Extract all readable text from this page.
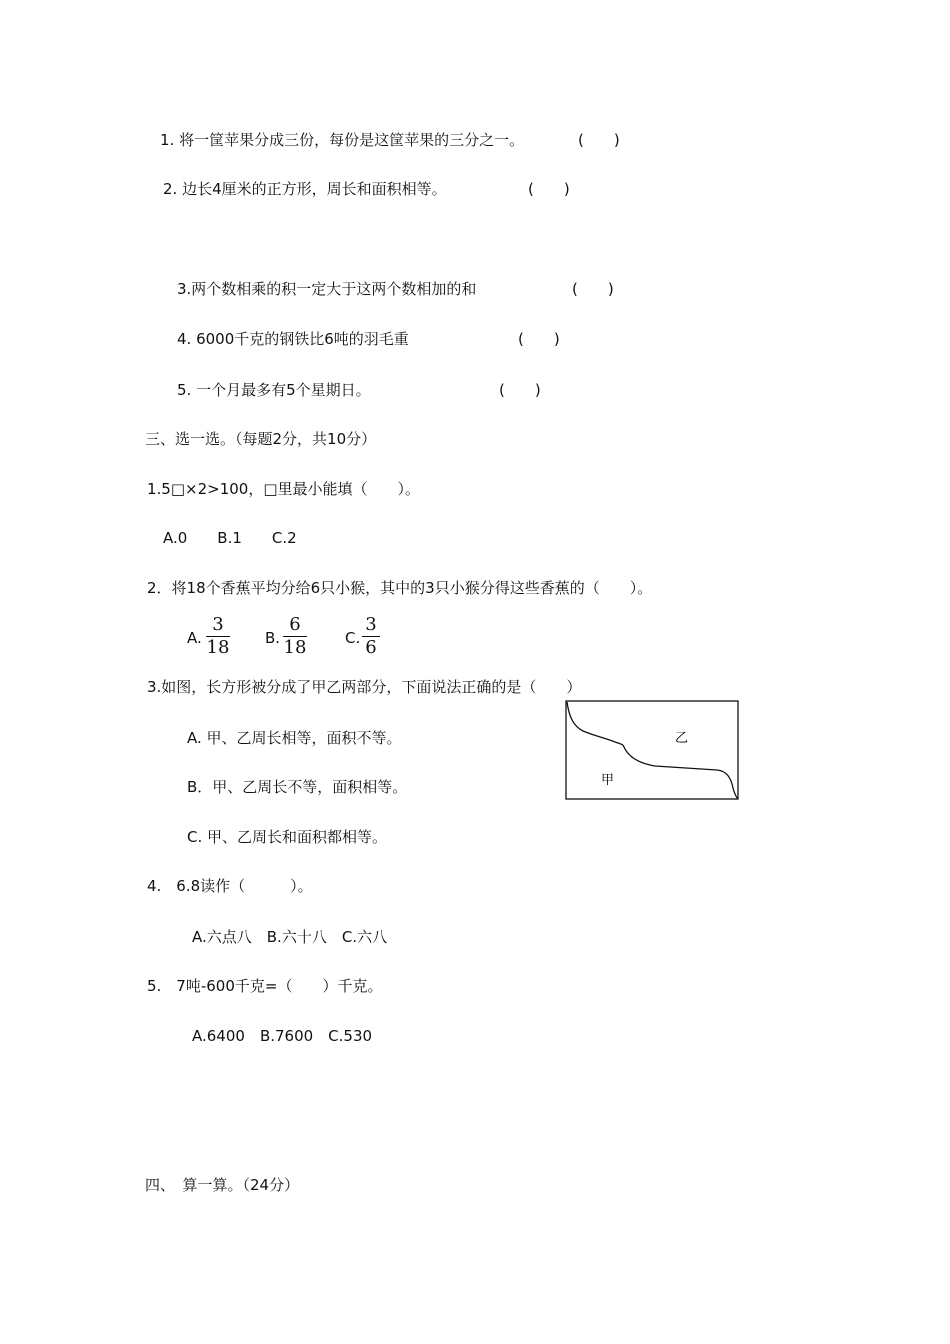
1. 将一筐苹果分成三份，每份是这筐苹果的三分之一。	(　　)
2. 边长4厘米的正方形，周长和面积相等。	(　　)
3.两个数相乘的积一定大于这两个数相加的和	(　　)
4. 6000千克的钢铁比6吨的羽毛重	(　　)
5. 一个月最多有5个星期日。	(　　)
三、选一选。（每题2分，共10分）
1.5□×2>100，□里最小能填（　　）。
A.0　　B.1　　C.2
2．将18个香蕉平均分给6只小猴，其中的3只小猴分得这些香蕉的（　　）。
A.
3
18 B.
6
18	C.
3
6
3.如图，长方形被分成了甲乙两部分，下面说法正确的是（　　）
A. 甲、乙周长相等，面积不等。
B．甲、乙周长不等，面积相等。
C. 甲、乙周长和面积都相等。
乙
甲
4.　6.8读作（　　　）。
A.六点八　B.六十八　C.六八
5.　7吨-600千克=（　　）千克。
A.6400　B.7600　C.530
四、　算一算。（24分）
